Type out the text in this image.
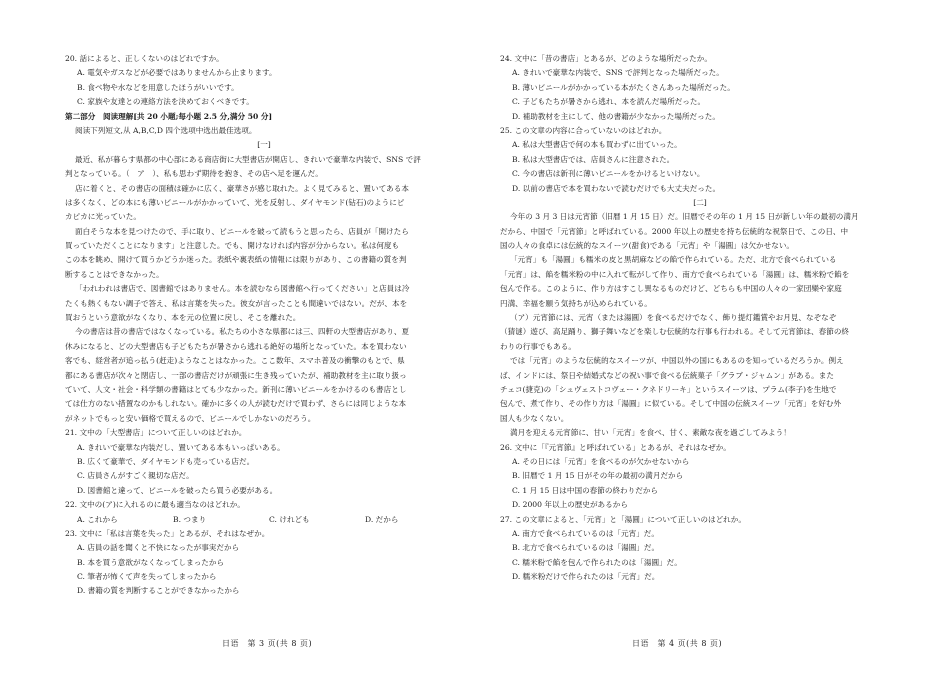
20. 話によると、正しくないのはどれですか。
A. 電気やガスなどが必要ではありませんから止まります。
B. 食べ物や水などを用意したほうがいいです。
C. 家族や友達との連絡方法を決めておくべきです。
第二部分　阅读理解[共 20 小题;每小题 2.5 分,满分 50 分]
阅读下列短文,从 A,B,C,D 四个选项中选出最佳选项。
[一]
最近、私が暮らす県都の中心部にある商店街に大型書店が開店し、きれいで豪華な内装で、SNS で評
判となっている。（　ア　）、私も思わず期待を抱き、その店へ足を運んだ。
店に着くと、その書店の面積は確かに広く、豪華さが感じ取れた。よく見てみると、置いてある本
は多くなく、どの本にも薄いビニールがかかっていて、光を反射し、ダイヤモンド(钻石)のようにピ
カピカに光っていた。
面白そうな本を見つけたので、手に取り、ビニールを破って読もうと思ったら、店員が「開けたら
買っていただくことになります」と注意した。でも、開けなければ内容が分からない。私は何度も
この本を眺め、開けて買うかどうか迷った。表紙や裏表紙の情報には限りがあり、この書籍の質を判
断することはできなかった。
「われわれは書店で、図書館ではありません。本を読むなら図書館へ行ってください」と店員は冷
たくも熱くもない調子で答え、私は言葉を失った。彼女が言ったことも間違いではない。だが、本を
買おうという意欲がなくなり、本を元の位置に戻し、そこを離れた。
今の書店は昔の書店ではなくなっている。私たちの小さな県都には三、四軒の大型書店があり、夏
休みになると、どの大型書店も子どもたちが暑さから逃れる絶好の場所となっていた。本を買わない
客でも、経営者が追っ払う(赶走)ようなことはなかった。ここ数年、スマホ普及の衝撃のもとで、県
都にある書店が次々と閉店し、一部の書店だけが頑張に生き残っていたが、補助教材を主に取り扱っ
ていて、人文・社会・科学類の書籍はとても少なかった。新刊に薄いビニールをかけるのも書店とし
ては仕方のない措置なのかもしれない。確かに多くの人が読むだけで買わず、さらには同じような本
がネットでもっと安い価格で買えるので、ビニールでしかないのだろう。
21. 文中の「大型書店」について正しいのはどれか。
A. きれいで豪華な内装だし、置いてある本もいっぱいある。
B. 広くて豪華で、ダイヤモンドも売っている店だ。
C. 店員さんがすごく親切な店だ。
D. 図書館と違って、ビニールを破ったら買う必要がある。
22. 文中の(ア)に入れるのに最も適当なのはどれか。
A. これから	B. つまり	C. けれども	D. だから
23. 文中に「私は言葉を失った」とあるが、それはなぜか。
A. 店員の話を聞くと不快になったが事実だから
B. 本を買う意欲がなくなってしまったから
C. 筆者が怖くて声を失ってしまったから
D. 書籍の質を判断することができなかったから
24. 文中に「昔の書店」とあるが、どのような場所だったか。
A. きれいで豪華な内装で、SNS で評判となった場所だった。
B. 薄いビニールがかかっている本がたくさんあった場所だった。
C. 子どもたちが暑さから逃れ、本を読んだ場所だった。
D. 補助教材を主にして、他の書籍が少なかった場所だった。
25. この文章の内容に合っていないのはどれか。
A. 私は大型書店で何の本も買わずに出ていった。
B. 私は大型書店では、店員さんに注意された。
C. 今の書店は新刊に薄いビニールをかけるといけない。
D. 以前の書店で本を買わないで読むだけでも大丈夫だった。
[二]
今年の 3 月 3 日は元宵節（旧暦 1 月 15 日）だ。旧暦でその年の 1 月 15 日が新しい年の最初の満月
だから、中国で「元宵節」と呼ばれている。2000 年以上の歴史を持ち伝統的な祝祭日で、この日、中
国の人々の食卓には伝統的なスイーツ(甜食)である「元宵」や「湯圓」は欠かせない。
「元宵」も「湯圓」も糯米の皮と黒胡麻などの餡で作られている。ただ、北方で食べられている
「元宵」は、餡を糯米粉の中に入れて転がして作り、南方で食べられている「湯圓」は、糯米粉で餡を
包んで作る。このように、作り方はすこし異なるものだけど、どちらも中国の人々の一家団欒や家庭
円満、幸福を願う気持ちが込められている。
（ア）元宵節には、元宵（または湯圓）を食べるだけでなく、飾り提灯鑑賞やお月見、なぞなぞ
（猜谜）遊び、高足踊り、獅子舞いなどを楽しむ伝統的な行事も行われる。そして元宵節は、春節の終
わりの行事でもある。
では「元宵」のような伝統的なスイーツが、中国以外の国にもあるのを知っているだろうか。例え
ば、インドには、祭日や結婚式などの祝い事で食べる伝統菓子「グラブ・ジャムン」がある。また
チェコ(捷克)の「シュヴェストコヴェー・クネドリーキ」というスイーツは、プラム(李子)を生地で
包んで、煮て作り、その作り方は「湯圓」に似ている。そして中国の伝統スイーツ「元宵」を好む外
国人も少なくない。
満月を迎える元宵節に、甘い「元宵」を食べ、甘く、素敵な夜を過ごしてみよう！
26. 文中に「『元宵節』と呼ばれている」とあるが、それはなぜか。
A. その日には「元宵」を食べるのが欠かせないから
B. 旧暦で 1 月 15 日がその年の最初の満月だから
C. 1 月 15 日は中国の春節の終わりだから
D. 2000 年以上の歴史があるから
27. この文章によると、「元宵」と「湯圓」について正しいのはどれか。
A. 南方で食べられているのは「元宵」だ。
B. 北方で食べられているのは「湯圓」だ。
C. 糯米粉で餡を包んで作られたのは「湯圓」だ。
D. 糯米粉だけで作られたのは「元宵」だ。
日语　第 3 页(共 8 页)	日语　第 4 页(共 8 页)
